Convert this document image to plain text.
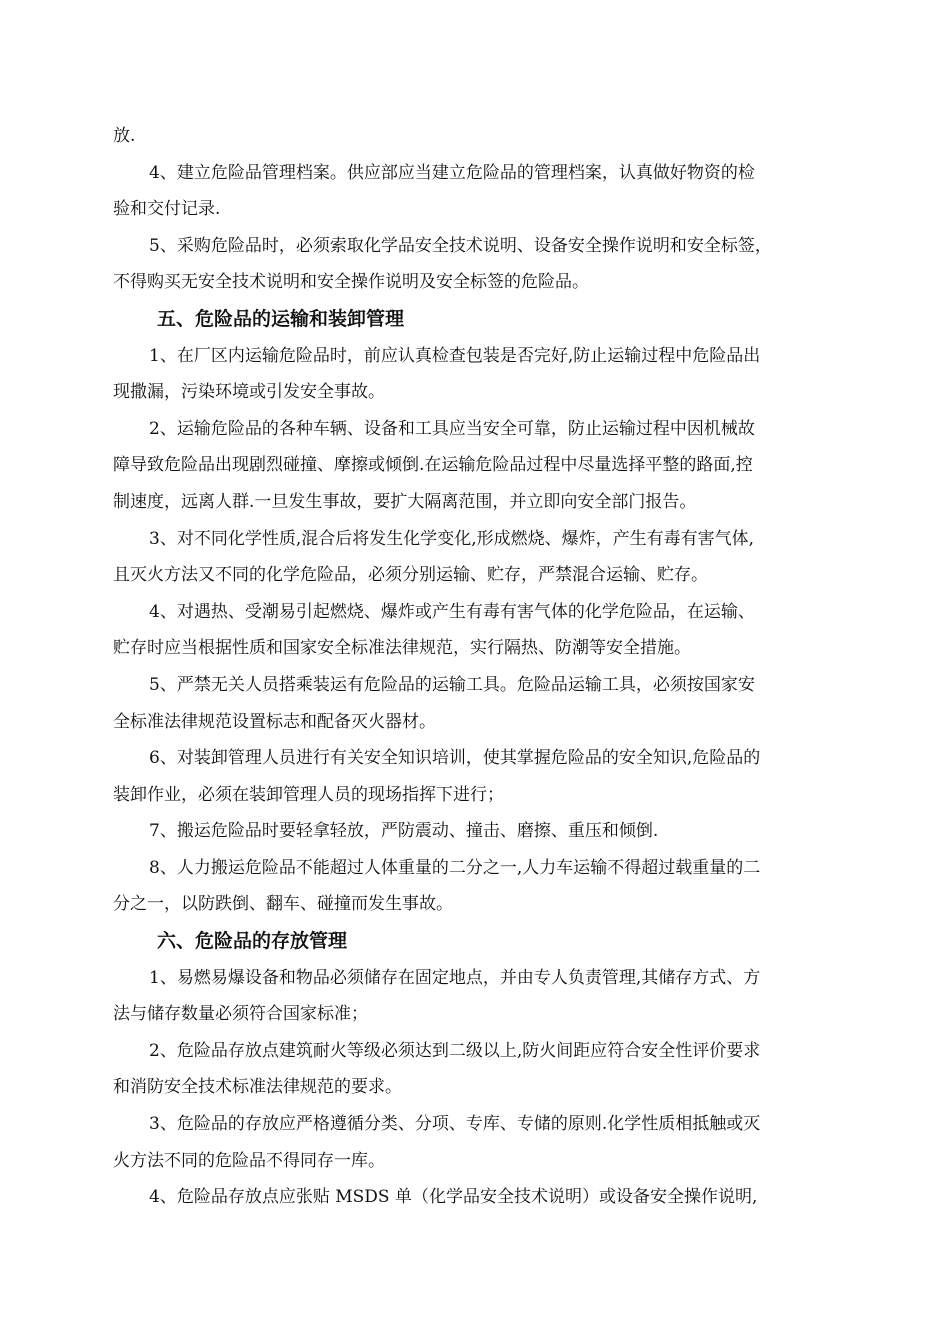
放.
4、建立危险品管理档案。供应部应当建立危险品的管理档案，认真做好物资的检
验和交付记录.
5、采购危险品时，必须索取化学品安全技术说明、设备安全操作说明和安全标签，
不得购买无安全技术说明和安全操作说明及安全标签的危险品。
五、危险品的运输和装卸管理
1、在厂区内运输危险品时，前应认真检查包装是否完好,防止运输过程中危险品出
现撒漏，污染环境或引发安全事故。
2、运输危险品的各种车辆、设备和工具应当安全可靠，防止运输过程中因机械故
障导致危险品出现剧烈碰撞、摩擦或倾倒.在运输危险品过程中尽量选择平整的路面,控
制速度，远离人群.一旦发生事故，要扩大隔离范围，并立即向安全部门报告。
3、对不同化学性质,混合后将发生化学变化,形成燃烧、爆炸，产生有毒有害气体,
且灭火方法又不同的化学危险品，必须分别运输、贮存，严禁混合运输、贮存。
4、对遇热、受潮易引起燃烧、爆炸或产生有毒有害气体的化学危险品，在运输、
贮存时应当根据性质和国家安全标准法律规范，实行隔热、防潮等安全措施。
5、严禁无关人员搭乘装运有危险品的运输工具。危险品运输工具，必须按国家安
全标准法律规范设置标志和配备灭火器材。
6、对装卸管理人员进行有关安全知识培训，使其掌握危险品的安全知识,危险品的
装卸作业，必须在装卸管理人员的现场指挥下进行；
7、搬运危险品时要轻拿轻放，严防震动、撞击、磨擦、重压和倾倒.
8、人力搬运危险品不能超过人体重量的二分之一,人力车运输不得超过载重量的二
分之一，以防跌倒、翻车、碰撞而发生事故。
六、危险品的存放管理
1、易燃易爆设备和物品必须储存在固定地点，并由专人负责管理,其储存方式、方
法与储存数量必须符合国家标准；
2、危险品存放点建筑耐火等级必须达到二级以上,防火间距应符合安全性评价要求
和消防安全技术标准法律规范的要求。
3、危险品的存放应严格遵循分类、分项、专库、专储的原则.化学性质相抵触或灭
火方法不同的危险品不得同存一库。
4、危险品存放点应张贴 MSDS 单（化学品安全技术说明）或设备安全操作说明,
